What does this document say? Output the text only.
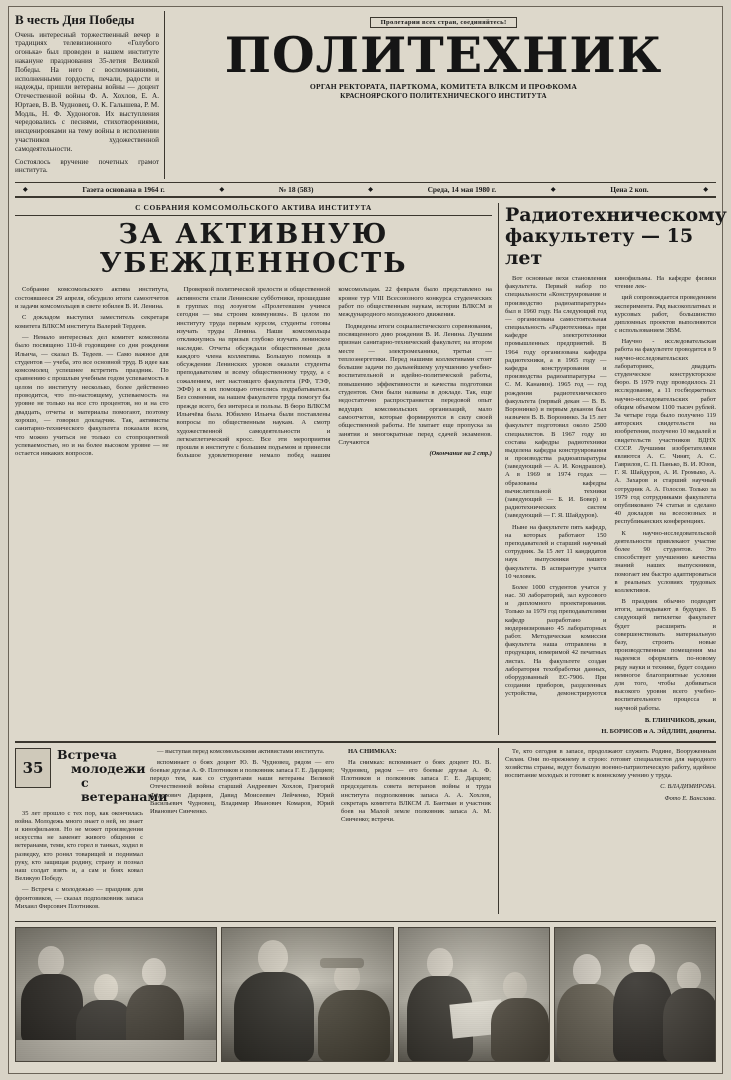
В честь Дня Победы

Очень интересный торжественный вечер в традициях телевизионного «Голубого огонька» был проведен в нашем институте накануне празднования 35-летия Великой Победы. На него с воспоминаниями, исполненными гордости, печали, радости и надежды, пришли ветераны войны — доцент Отечественной войны Ф. А. Хохлов, Е. А. Юртаев, В. В. Чудновец, О. К. Галышева, Р. М. Модль, Н. Ф. Худоногов. Их выступления чередовались с песнями, стихотворениями, инсценировками на тему войны в исполнении участников художественной самодеятельности.

Состоялось вручение почетных грамот института.

Пролетарии всех стран, соединяйтесь!
ПОЛИТЕХНИК
ОРГАН РЕКТОРАТА, ПАРТКОМА, КОМИТЕТА ВЛКСМ И ПРОФКОМА
КРАСНОЯРСКОГО ПОЛИТЕХНИЧЕСКОГО ИНСТИТУТА
◆	Газета основана в 1964 г.	◆	№ 18 (583)	◆	Среда, 14 мая 1980 г.	◆	Цена 2 коп.	◆
С СОБРАНИЯ КОМСОМОЛЬСКОГО АКТИВА ИНСТИТУТА
ЗА АКТИВНУЮ
УБЕЖДЕННОСТЬ

Собрание комсомольского актива института, состоявшееся 29 апреля, обсудило итоги самоотчетов и задачи комсомольцев в свете юбилея В. И. Ленина.

С докладом выступил заместитель секретаря комитета ВЛКСМ института Валерий Тердеев.

— Немало интересных дел комитет комсомола было посвящено 110-й годовщине со дня рождения Ильича, — сказал В. Тедеев. — Само важное для студентов — учеба, это все основной труд. В идее как комсомолец успешнее встретить праздник. По сравнению с прошлым учебным годом успеваемость в целом по институту несколько, более действенно проводится, что по-настоящему, успеваемость на уровне не только на все сто процентов, но и на сто двадцать, отчеты и материалы помогают, поэтому хорошо, — говорил докладчик. Так, активисты санитарно-технического факультета показали всем, что можно учиться не только со стопроцентной успеваемостью, но и на более высоком уровне — не остается никаких вопросов.

Проверкой политической зрелости и общественной активности стали Ленинские субботники, прошедшие в группах под лозунгом «Пролетевшим учимся сегодня — мы строим коммунизм». В целом по институту труда первым курсом, студенты готовы изучать труды Ленина. Наши комсомольцы откликнулись на призыв глубоко изучать ленинское наследие. Отчеты обсуждали общественные дела каждого члена коллектива. Большую помощь в обсуждении Ленинских уроков оказали студенты преподавателям и всему общественному труду, а с сожалением, нет настоящего факультета (РФ, ТЭФ, ЭФФ) и к их помощью отнеслись подрабатываться. Без сомнения, на нашем факультете труда помогут бы прежде всего, без интереса и пользы. В бюро ВЛКСМ Ильичёва была. Юбилею Ильича были поставлены вопросы по общественным наукам. А смотр художественной самодеятельности и легкоатлетический кросс. Все эти мероприятия прошли в институте с большим подъемом и принесли большое удовлетворение немало побед нашим комсомольцам. 22 февраля было представлено на кровне тур VIII Всесоюзного конкурса студенческих работ по общественным наукам, истории ВЛКСМ и международного молодежного движения.

Подведены итоги социалистического соревнования, посвященного дню рождения В. И. Ленина. Лучшим признан санитарно-технический факультет, на втором месте — электромеханики, третьи — теплоэнергетики. Перед нашими коллективами стоят большие задачи по дальнейшему улучшению учебно-воспитательной и идейно-политической работы, повышению эффективности и качества подготовки студентов. Они были названы в докладе. Так, еще недостаточно распространяется передовой опыт ведущих комсомольских организаций, мало самоотчетов, которые формируются в силу своей общественной работы. Не хватает еще пропуска за занятия и многократные перед сдачей экзаменов. Случаются

(Окончание на 2 стр.)

Радиотехническому факультету — 15 лет

Вот основные вехи становления факультета. Первый набор по специальности «Конструирование и производство радиоаппаратуры» был в 1960 году. На следующий год — организована самостоятельная специальность «Радиотехника» при кафедре электротехники промышленных предприятий. В 1964 году организована кафедра радиотехники, а в 1965 году — кафедра конструирования и производства радиоаппаратуры — С. М. Кананин). 1965 год — год рождения радиотехнического факультета (первый декан — В. В. Воронинко) и первым деканом был назначен В. В. Воронинко. За 15 лет факультет подготовил около 2500 специалистов. В 1967 году из состава кафедры радиотехники выделена кафедра конструирования и производства радиоаппаратуры (заведующий — А. И. Кондрашов). А в 1969 и 1974 годах — образованы кафедры вычислительной техники (заведующий — Б. И. Бовер) и радиотехнических систем (заведующий — Г. Я. Шайдуров).

Ныне на факультете пять кафедр, на которых работают 150 преподавателей и старший научный сотрудник. За 15 лет 11 кандидатов наук выпускники нашего факультета. В аспирантуре учатся 10 человек.

Более 1000 студентов учатся у нас. 30 лабораторий, зал курсового и дипломного проектирования. Только за 1979 год преподавателями кафедр разработано и модернизировано 45 лабораторных работ. Методическая комиссия факультета наша отправлена в продукции, измеримой 42 печатных листах. На факультете создан лаборатория техобработки данных, оборудованный ЕС-7906. При создании приборов, разделенных устройства, демонстрируются кинофильмы. На кафедре физики чтение лек-

ций сопровождается проведением эксперимента. Ряд высокоплатных и курсовых работ, большинство дипломных проектов выполняются с использованием ЭВМ.

Научно - исследовательская работа на факультете проводится в 9 научно-исследовательских лабораториях, двадцать студенческое конструкторское бюро. В 1979 году проводилось 21 исследование, а 11 госбюджетных научно-исследовательских работ общим объемом 1100 тысяч рублей. За четыре года было получено 119 авторских свидетельств на изобретения, получено 10 медалей и свидетельств участников ВДНХ СССР. Лучшими изобретателями являются А. С. Чинят, А. С. Гаврилов, С. П. Панько, В. И. Юзов, Г. Я. Шайдуров, А. И. Громыко, А. А. Захаров и старший научный сотрудник А. А. Голосов. Только за 1979 год сотрудниками факультета опубликовано 74 статьи и сделано 40 докладов на всесоюзных и республиканских конференциях.

К научно-исследовательской деятельности привлекают участие более 90 студентов. Это способствует улучшению качества знаний наших выпускников, помогает им быстро адаптироваться в реальных условиях трудовых коллективов.

В праздник обычно подводят итоги, заглядывают в будущее. В следующей пятилетке факультет будет расширять и совершенствовать материальную базу, строить новые производственные помещения мы надеемся оформлять по-новому ряду науки и технике, будет создано немногое благоприятные условия для того, чтобы добиваться высокого уровня всего учебно-воспитательного процесса и научной работы.

В. ГЛИНЧИКОВ, декан,
Н. БОРИСОВ и А. ЭЙДЛИН, доценты.
35
Встреча
молодежи
с ветеранами

35 лет прошло с тех пор, как окончилась война. Молодежь много знает о ней, но знает и кинофильмов. Но не может произведения искусства не заменят живого общения с ветеранами, теми, кто горел в танках, ходил в разведку, кто ронял товарищей и поднимал руку, кто защищая родину, страну и познал наш солдат взять и, а сам и боях ковал Великую Победу.

— Встреча с молодежью — праздник для фронтовиков, — сказал подполковник запаса Михаил Фирсович Плотников.

— выступая перед комсомольскими активистами института.

вспоминает о боях доцент Ю. В. Чудновец, рядом — его боевые друзья А. Ф. Плотников и полковник запаса Г. Е. Дарциев; передо тем, как со студентами наши ветераны Великой Отечественной войны старший Андреевич Хохлов, Григорий Фёдорович Дарциев, Давид Моисеевич Лейченко, Юрий Васильевич Чудновец, Владимир Иванович Комаров, Юрий Иванович Синченко.

НА СНИМКАХ:

На снимках: вспоминает о боях доцент Ю. В. Чудновец, рядом — его боевые друзья А. Ф. Плотников и полковник запаса Г. Е. Дарциев; председатель совета ветеранов войны и труда института подполковник запаса А. А. Хохлов, секретарь комитета ВЛКСМ Л. Бантман и участник боев на Малой земле полковник запаса А. М. Синченко; встречи.

Те, кто сегодня в запасе, продолжают служить Родине, Вооруженным Силам. Они по-прежнему в строю: готовят специалистов для народного хозяйства страны, ведут большую военно-патриотическую работу, идейное воспитание молодых и готовят к воинскому учению у труда.

С. ВЛАДИМИРОВА.

Фото Е. Ванслава.
